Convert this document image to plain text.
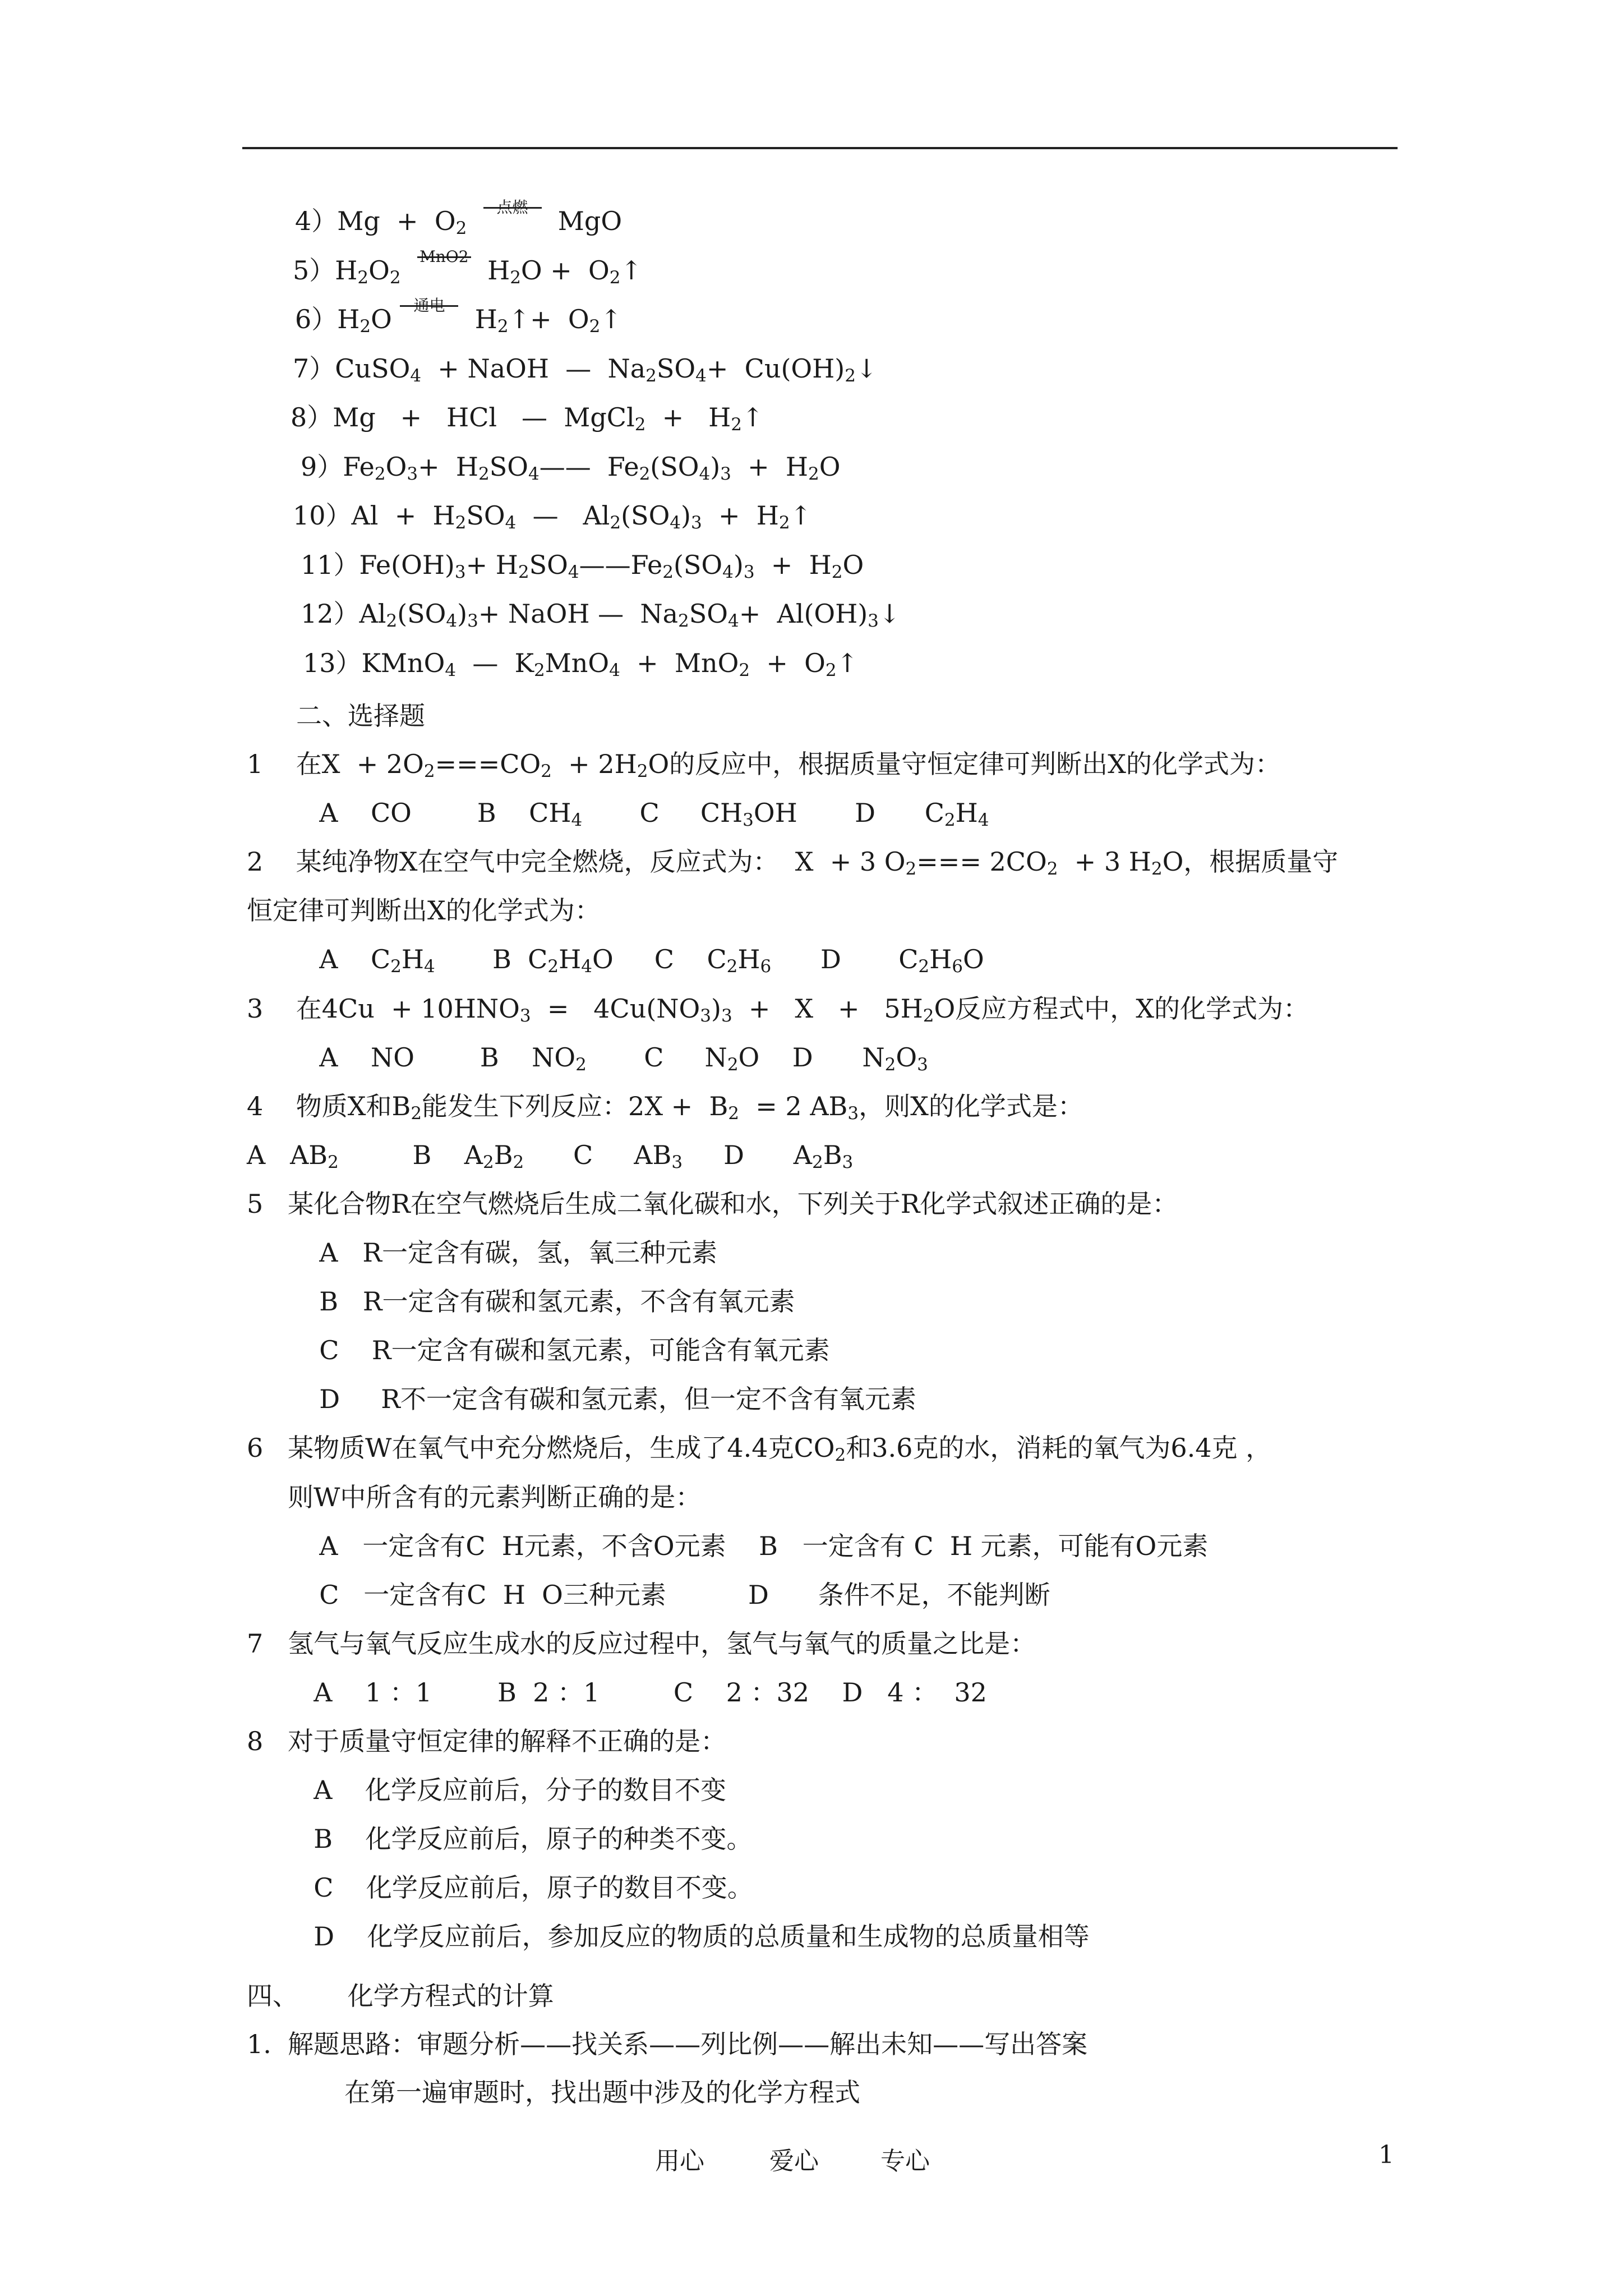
$4)Mg + O_2$
点燃 MgO
$5)H_2O_2$
MnO2 $H_2O$ +  $O_2↑$
$6)H_2O$ 通电 $H_2↑+$  $O_2↑$
7）CuSO$_4$  + NaOH  —  $Na_2SO_4+$  $Cu(OH)_2↓$
8）Mg   +   HCl   —  MgCl$_2$  +   $H_2↑$
$9)Fe_2O_3+$  $H_2SO_4——$  $Fe_2(SO_4)_3 + H_2O$
$10)Al + H_2SO_4$  —   $Al_2(SO_4)_3$  +  $H_2↑$
$11)Fe(OH)_3+$ $H_2SO_4——Fe_2(SO_4)_3 + H_2O$
$12)Al_2(SO_4)_3+$ NaOH —  $Na_2SO_4+$  $Al(OH)_3↓$
13）KMnO$_4$  —  $K_2MnO_4 + MnO_2$  +  $O_2↑$
二、选择题
1    在$X + 2O_2===CO_2 + 2H_2O$的反应中，根据质量守恒定律可判断出X的化学式为：
A    CO        B    $CH_4$       C     $CH_3OH$       D      $C_2H_4$
2    某纯净物X在空气中完全燃烧，反应式为：  X  + 3 $O_2=== 2CO_2 + 3$ $H_2O$，根据质量守
恒定律可判断出X的化学式为：
A    $C_2H_4$       B  $C_2H_4O$     C    $C_2H_6$      D       $C_2H_6O$
3    在$4Cu + 10HNO_3 = 4Cu(NO_3)_3 + X + 5H_2O$反应方程式中，X的化学式为：
A    NO        B    $NO_2$       C     $N_2O$    D      $N_2O_3$
4    物质X和$B_2$能发生下列反应：$2X + B_2 = 2$ $AB_3$，则X的化学式是：
A   $AB_2$         B    $A_2B_2$      C     $AB_3$     D      $A_2B_3$
5   某化合物R在空气燃烧后生成二氧化碳和水，下列关于R化学式叙述正确的是：
A   R一定含有碳，氢，氧三种元素
B   R一定含有碳和氢元素，不含有氧元素
C    R一定含有碳和氢元素，可能含有氧元素
D     R不一定含有碳和氢元素，但一定不含有氧元素
6   某物质W在氧气中充分燃烧后，生成了4.4克$CO_2$和3.6克的水，消耗的氧气为6.4克 ，
则W中所含有的元素判断正确的是：
A   一定含有C  H元素，不含O元素    B   一定含有 C  H 元素，可能有O元素
C   一定含有C  H  O三种元素          D      条件不足，不能判断
7   氢气与氧气反应生成水的反应过程中，氢气与氧气的质量之比是：
A    1 ：1        B  2 ：1         C    2 ：32    D   4 ：  32
8   对于质量守恒定律的解释不正确的是：
A    化学反应前后，分子的数目不变
B    化学反应前后，原子的种类不变。
C    化学反应前后，原子的数目不变。
D    化学反应前后，参加反应的物质的总质量和生成物的总质量相等
四、      化学方程式的计算
1.  解题思路：审题分析——找关系——列比例——解出未知——写出答案
在第一遍审题时，找出题中涉及的化学方程式
用心	爱心	专心	1
